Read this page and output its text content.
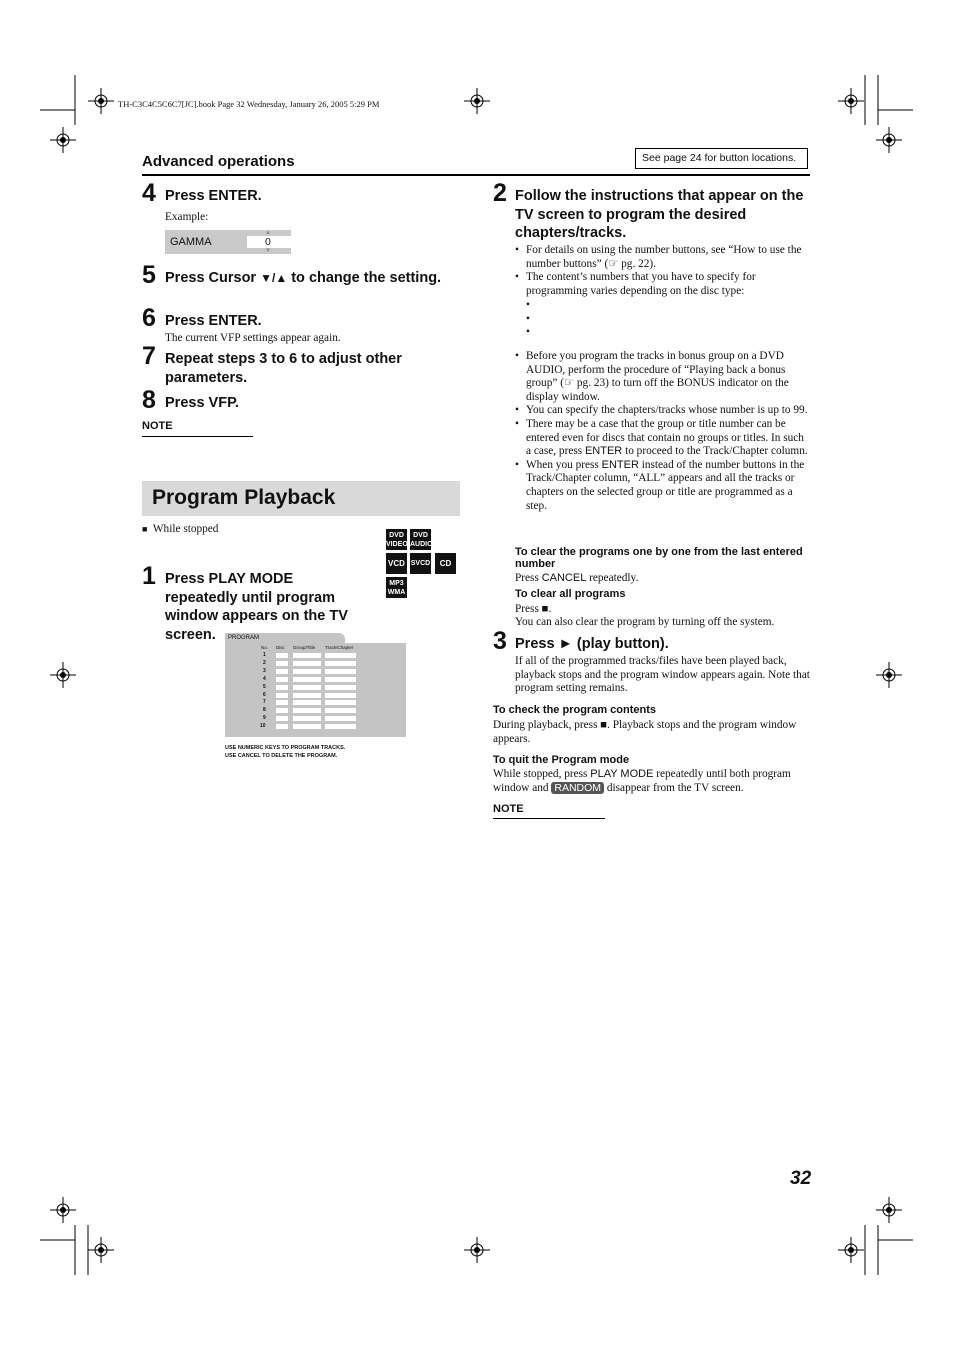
TH-C3C4C5C6C7[JC].book Page 32 Wednesday, January 26, 2005 5:29 PM
Advanced operations	See page 24 for button locations.
4 Press ENTER.
Example:
GAMMA	0
▲
▼
5 Press Cursor ▼/▲ to change the setting.
6 Press ENTER.
The current VFP settings appear again.
7 Repeat steps 3 to 6 to adjust other parameters.
8 Press VFP.
NOTE
Program Playback
■ While stopped
DVD VIDEO
DVD AUDIO
VCD SVCD	CD
MP3 WMA
1 Press PLAY MODE repeatedly until program window appears on the TV screen.	PROGRAM
No. Disc Group/Title Track/Chapter
1
2
3
4
5
6
7
8
9
10
USE NUMERIC KEYS TO PROGRAM TRACKS.
USE CANCEL TO DELETE THE PROGRAM.
2 Follow the instructions that appear on the TV screen to program the desired chapters/tracks.
• For details on using the number buttons, see “How to use the number buttons” (☞ pg. 22).
• The content’s numbers that you have to specify for programming varies depending on the disc type:
•
•
•
• Before you program the tracks in bonus group on a DVD AUDIO, perform the procedure of “Playing back a bonus group” (☞ pg. 23) to turn off the BONUS indicator on the display window.
• You can specify the chapters/tracks whose number is up to 99.
• There may be a case that the group or title number can be entered even for discs that contain no groups or titles. In such a case, press ENTER to proceed to the Track/Chapter column.
• When you press ENTER instead of the number buttons in the Track/Chapter column, “ALL” appears and all the tracks or chapters on the selected group or title are programmed as a step.
To clear the programs one by one from the last entered number
Press CANCEL repeatedly.
To clear all programs
Press ■.
You can also clear the program by turning off the system.
3 Press ► (play button).
If all of the programmed tracks/files have been played back, playback stops and the program window appears again. Note that program setting remains.
To check the program contents
During playback, press ■. Playback stops and the program window appears.
To quit the Program mode
While stopped, press PLAY MODE repeatedly until both program window and RANDOM disappear from the TV screen.
NOTE
32
